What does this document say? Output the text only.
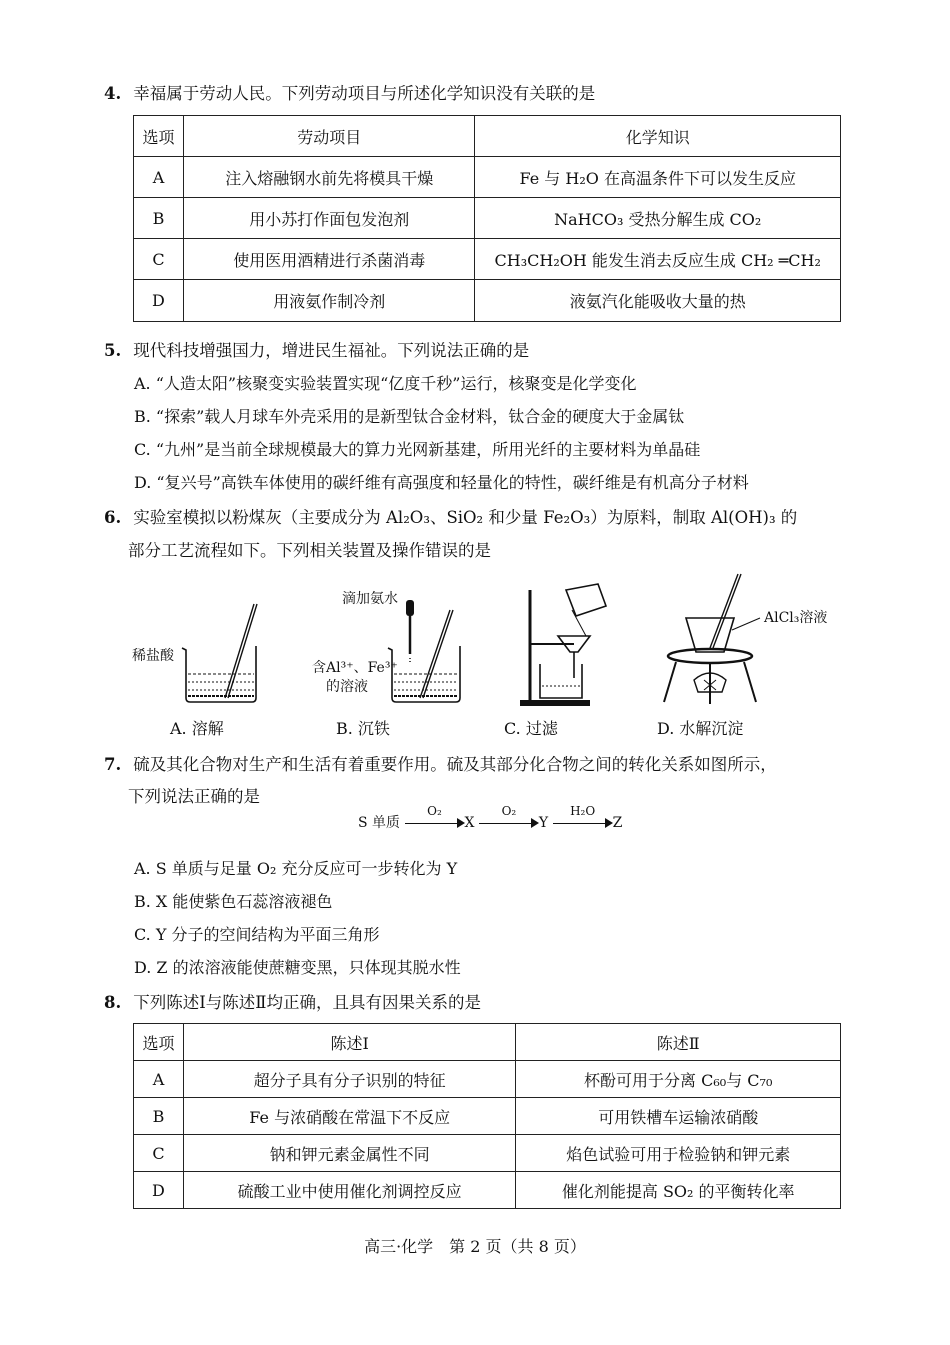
4. 幸福属于劳动人民。下列劳动项目与所述化学知识没有关联的是
选项	劳动项目	化学知识
A	注入熔融钢水前先将模具干燥	Fe 与 H₂O 在高温条件下可以发生反应
B	用小苏打作面包发泡剂	NaHCO₃ 受热分解生成 CO₂
C	使用医用酒精进行杀菌消毒	CH₃CH₂OH 能发生消去反应生成 CH₂ ═CH₂
D	用液氨作制冷剂	液氨汽化能吸收大量的热
5. 现代科技增强国力，增进民生福祉。下列说法正确的是
A. “人造太阳”核聚变实验装置实现“亿度千秒”运行，核聚变是化学变化
B. “探索”载人月球车外壳采用的是新型钛合金材料，钛合金的硬度大于金属钛
C. “九州”是当前全球规模最大的算力光网新基建，所用光纤的主要材料为单晶硅
D. “复兴号”高铁车体使用的碳纤维有高强度和轻量化的特性，碳纤维是有机高分子材料
6. 实验室模拟以粉煤灰（主要成分为 Al₂O₃、SiO₂ 和少量 Fe₂O₃）为原料，制取 Al(OH)₃ 的
部分工艺流程如下。下列相关装置及操作错误的是
稀盐酸
滴加氨水
含Al³⁺、Fe³⁺
的溶液
AlCl₃溶液
A. 溶解	B. 沉铁	C. 过滤	D. 水解沉淀
7. 硫及其化合物对生产和生活有着重要作用。硫及其部分化合物之间的转化关系如图所示，
下列说法正确的是
S 单质
O₂
X
O₂
Y
H₂O
Z
A. S 单质与足量 O₂ 充分反应可一步转化为 Y
B. X 能使紫色石蕊溶液褪色
C. Y 分子的空间结构为平面三角形
D. Z 的浓溶液能使蔗糖变黑，只体现其脱水性
8. 下列陈述Ⅰ与陈述Ⅱ均正确，且具有因果关系的是
选项	陈述Ⅰ	陈述Ⅱ
A	超分子具有分子识别的特征	杯酚可用于分离 C₆₀与 C₇₀
B	Fe 与浓硝酸在常温下不反应	可用铁槽车运输浓硝酸
C	钠和钾元素金属性不同	焰色试验可用于检验钠和钾元素
D	硫酸工业中使用催化剂调控反应	催化剂能提高 SO₂ 的平衡转化率
高三·化学　第 2 页（共 8 页）
